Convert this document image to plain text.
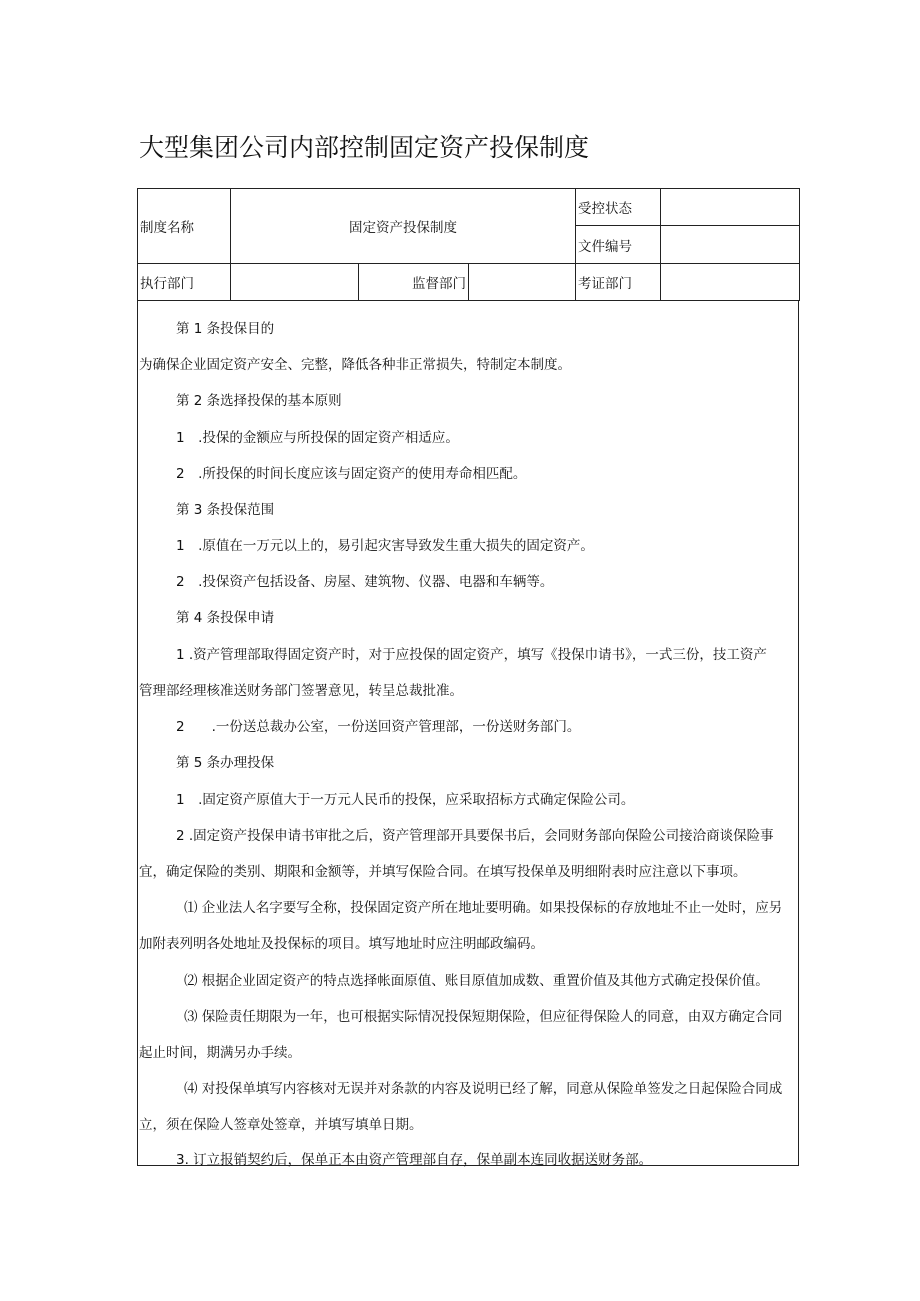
大型集团公司内部控制固定资产投保制度
制度名称	固定资产投保制度			受控状态	
				文件编号	
执行部门		监督部门		考证部门	
第 1 条投保目的
为确保企业固定资产安全、完整，降低各种非正常损失，特制定本制度。
第 2 条选择投保的基本原则
1　.投保的金额应与所投保的固定资产相适应。
2　.所投保的时间长度应该与固定资产的使用寿命相匹配。
第 3 条投保范围
1　.原值在一万元以上的，易引起灾害导致发生重大损失的固定资产。
2　.投保资产包括设备、房屋、建筑物、仪器、电器和车辆等。
第 4 条投保申请
1 .资产管理部取得固定资产时，对于应投保的固定资产，填写《投保巾请书》，一式三份，技工资产
管理部经理核准送财务部门签署意见，转呈总裁批准。
2　　.一份送总裁办公室，一份送回资产管理部，一份送财务部门。
第 5 条办理投保
1　.固定资产原值大于一万元人民币的投保，应采取招标方式确定保险公司。
2 .固定资产投保申请书审批之后，资产管理部开具要保书后，会同财务部向保险公司接洽商谈保险事
宜，确定保险的类别、期限和金额等，并填写保险合同。在填写投保单及明细附表时应注意以下事项。
⑴ 企业法人名字要写全称，投保固定资产所在地址要明确。如果投保标的存放地址不止一处时，应另
加附表列明各处地址及投保标的项目。填写地址时应注明邮政编码。
⑵ 根据企业固定资产的特点选择帐面原值、账目原值加成数、重置价值及其他方式确定投保价值。
⑶ 保险责任期限为一年，也可根据实际情况投保短期保险，但应征得保险人的同意，由双方确定合同
起止时间，期满另办手续。
⑷ 对投保单填写内容核对无误并对条款的内容及说明已经了解，同意从保险单签发之日起保险合同成
立，须在保险人签章处签章，并填写填单日期。
3. 订立报销契约后，保单正本由资产管理部自存，保单副本连同收据送财务部。
